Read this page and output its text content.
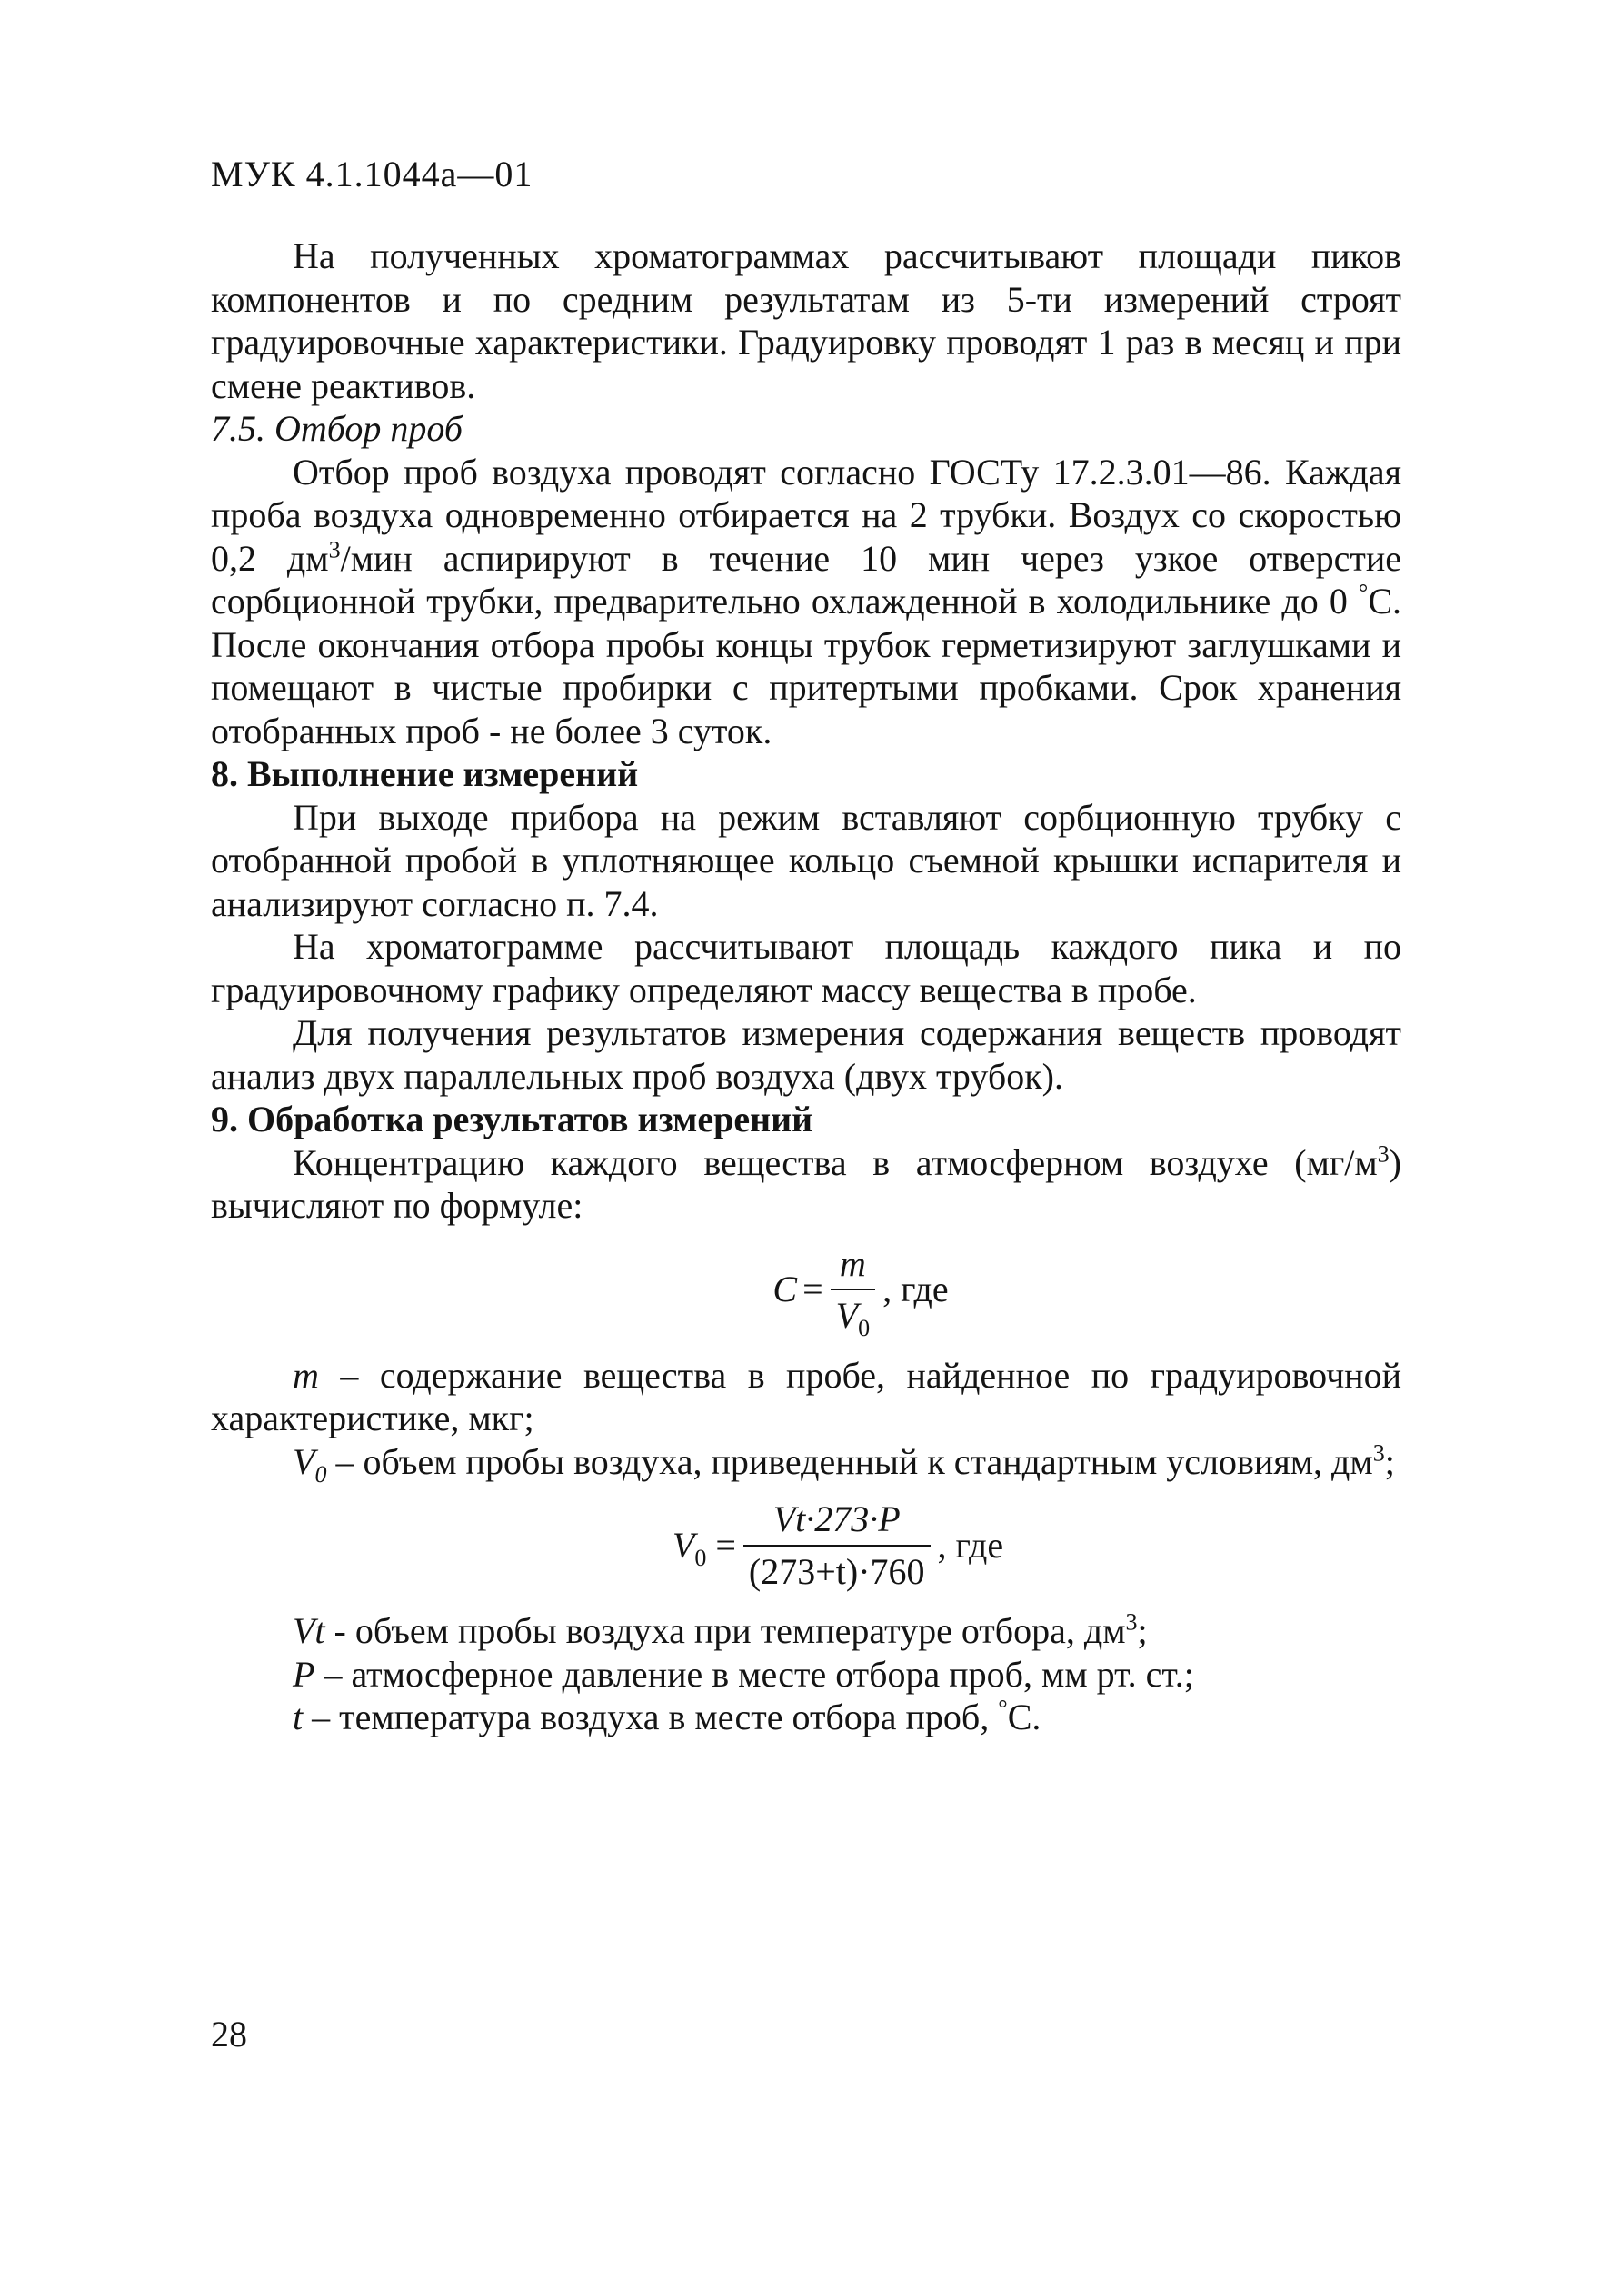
МУК 4.1.1044а—01

На полученных хроматограммах рассчитывают площади пиков компонентов и по средним результатам из 5-ти измерений строят градуировочные характеристики. Градуировку проводят 1 раз в месяц и при смене реактивов.

7.5. Отбор проб

Отбор проб воздуха проводят согласно ГОСТу 17.2.3.01—86. Каждая проба воздуха одновременно отбирается на 2 трубки. Воздух со скоростью 0,2 $дм^3$/мин аспирируют в течение 10 мин через узкое отверстие сорбционной трубки, предварительно охлажденной в холодильнике до 0 °С. После окончания отбора пробы концы трубок герметизируют заглушками и помещают в чистые пробирки с притертыми пробками. Срок хранения отобранных проб - не более 3 суток.

8. Выполнение измерений

При выходе прибора на режим вставляют сорбционную трубку с отобранной пробой в уплотняющее кольцо съемной крышки испарителя и анализируют согласно п. 7.4.

На хроматограмме рассчитывают площадь каждого пика и по градуировочному графику определяют массу вещества в пробе.

Для получения результатов измерения содержания веществ проводят анализ двух параллельных проб воздуха (двух трубок).

9. Обработка результатов измерений

Концентрацию каждого вещества в атмосферном воздухе $(мг/м^3)$ вычисляют по формуле:

$C = \frac{m}{V_0}$ , где

m – содержание вещества в пробе, найденное по градуировочной характеристике, мкг;

$V_0$ – объем пробы воздуха, приведенный к стандартным условиям, $дм^3$;

$V_0 = \frac{Vt\cdot 273\cdot P}{(273+t)\cdot 760}$ , где

Vt - объем пробы воздуха при температуре отбора, $дм^3$;

P – атмосферное давление в месте отбора проб, мм рт. ст.;

t – температура воздуха в месте отбора проб, °С.

28
